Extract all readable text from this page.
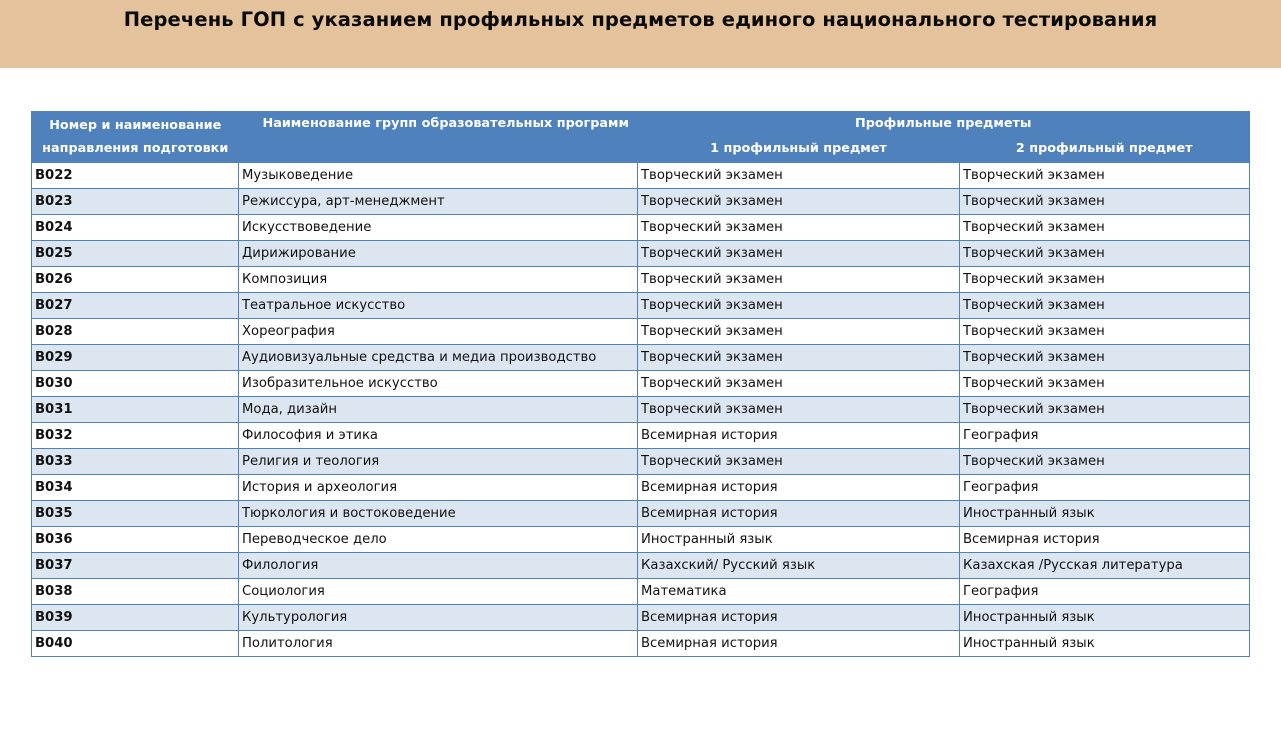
Перечень ГОП с указанием профильных предметов единого национального тестирования
Номер и наименование направления подготовки	Наименование групп образовательных программ	Профильные предметы	
		1 профильный предмет	2 профильный предмет
B022	Музыковедение	Творческий экзамен	Творческий экзамен
B023	Режиссура, арт-менеджмент	Творческий экзамен	Творческий экзамен
B024	Искусствоведение	Творческий экзамен	Творческий экзамен
B025	Дирижирование	Творческий экзамен	Творческий экзамен
B026	Композиция	Творческий экзамен	Творческий экзамен
B027	Театральное искусство	Творческий экзамен	Творческий экзамен
B028	Хореография	Творческий экзамен	Творческий экзамен
B029	Аудиовизуальные средства и медиа производство	Творческий экзамен	Творческий экзамен
B030	Изобразительное искусство	Творческий экзамен	Творческий экзамен
B031	Мода, дизайн	Творческий экзамен	Творческий экзамен
B032	Философия и этика	Всемирная история	География
B033	Религия и теология	Творческий экзамен	Творческий экзамен
B034	История и археология	Всемирная история	География
B035	Тюркология и востоковедение	Всемирная история	Иностранный язык
B036	Переводческое дело	Иностранный язык	Всемирная история
B037	Филология	Казахский/ Русский язык	Казахская /Русская литература
B038	Социология	Математика	География
B039	Культурология	Всемирная история	Иностранный язык
B040	Политология	Всемирная история	Иностранный язык
